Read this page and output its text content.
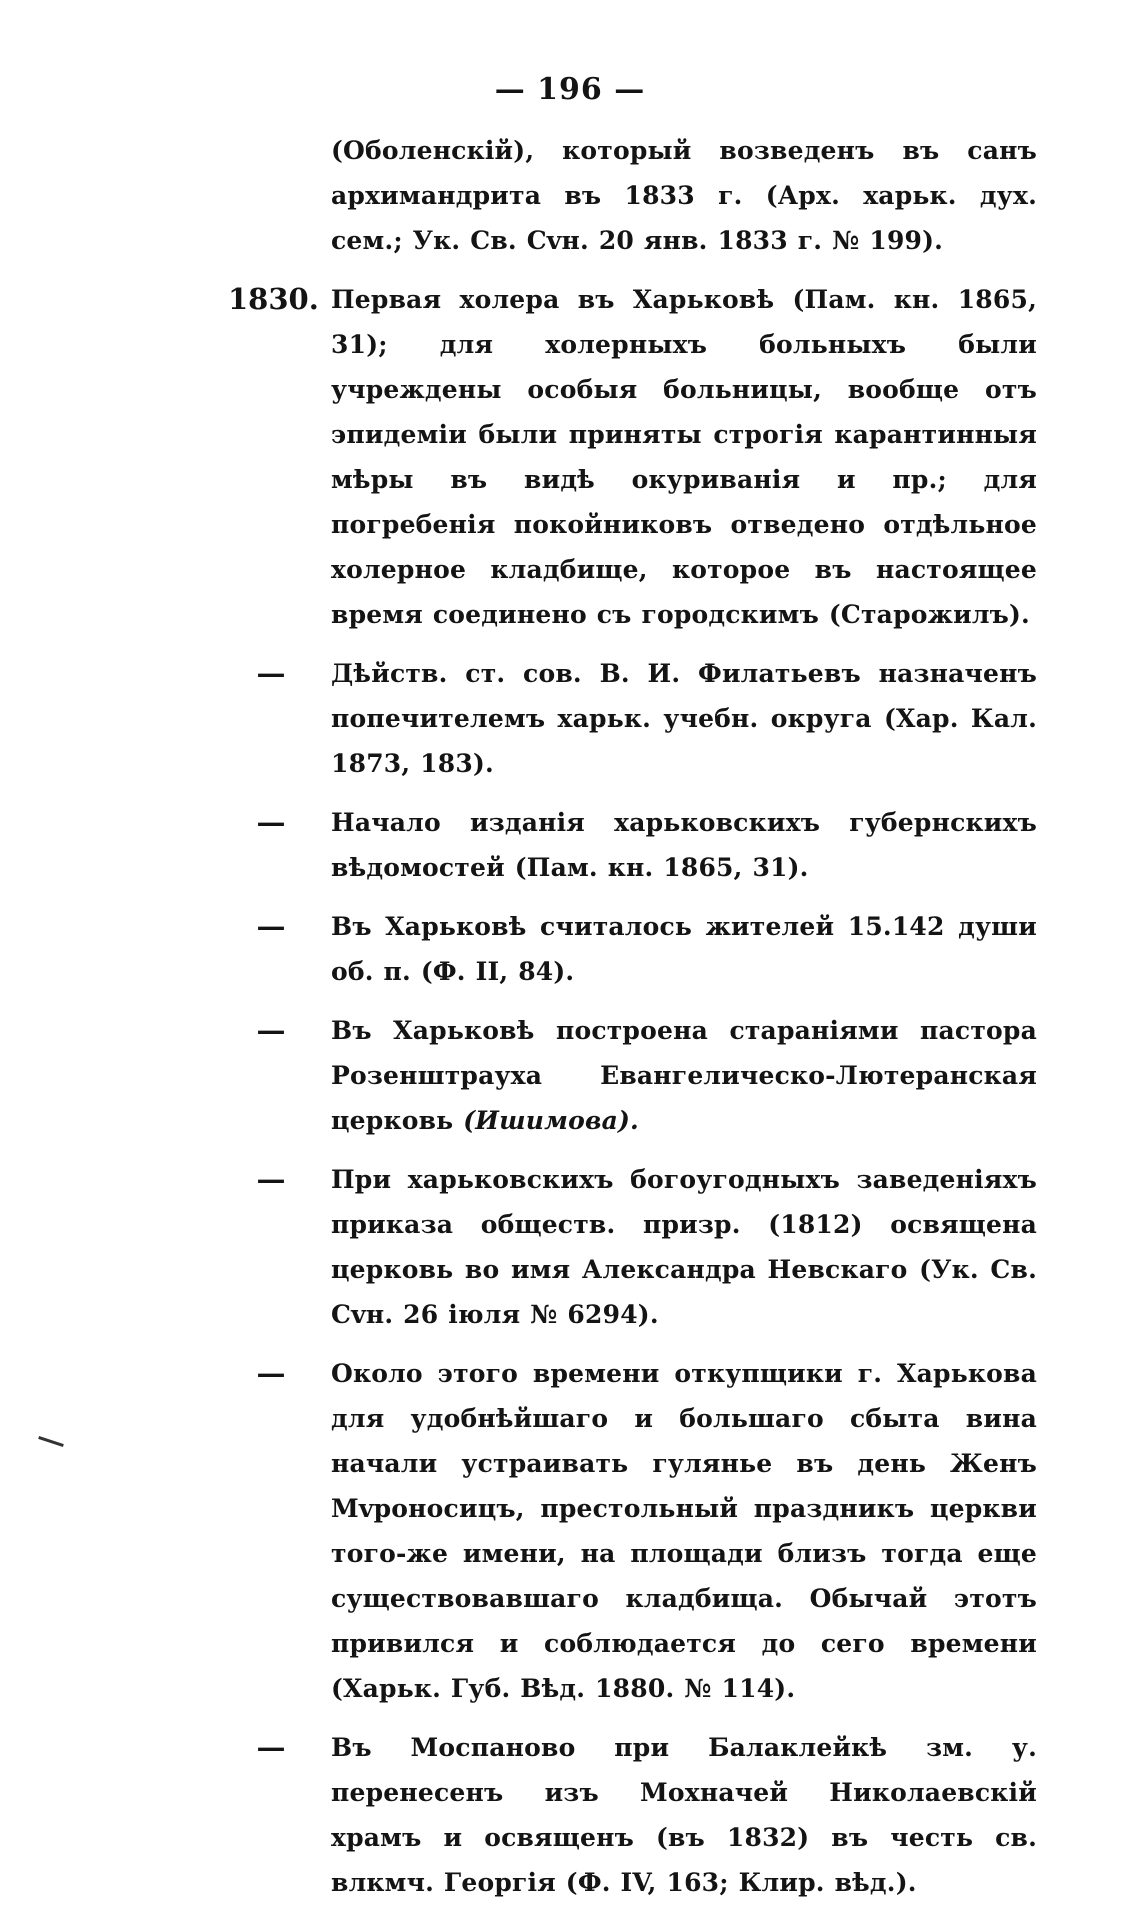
— 196 —
(Оболенскій), который возведенъ въ санъ архимандрита въ 1833 г. (Арх. харьк. дух. сем.; Ук. Св. Сvн. 20 янв. 1833 г. № 199).
1830. Первая холера въ Харьковѣ (Пам. кн. 1865, 31); для холерныхъ больныхъ были учреждены особыя больницы, вообще отъ эпидеміи были приняты строгія карантинныя мѣры въ видѣ окуриванія и пр.; для погребенія покойниковъ отведено отдѣльное холерное кладбище, которое въ настоящее время соединено съ городскимъ (Старожилъ).
—	Дѣйств. ст. сов. В. И. Филатьевъ назначенъ попечителемъ харьк. учебн. округа (Хар. Кал. 1873, 183).
—	Начало изданія харьковскихъ губернскихъ вѣдомостей (Пам. кн. 1865, 31).
—	Въ Харьковѣ считалось жителей 15.142 души об. п. (Ф. II, 84).
—	Въ Харьковѣ построена стараніями пастора Розенштрауха Евангелическо-Лютеранская церковь (Ишимова).
—	При харьковскихъ богоугодныхъ заведеніяхъ приказа обществ. призр. (1812) освящена церковь во имя Александра Невскаго (Ук. Св. Сvн. 26 іюля № 6294).
—	Около этого времени откупщики г. Харькова для удобнѣйшаго и большаго сбыта вина начали устраивать гулянье въ день Женъ Мvроносицъ, престольный праздникъ церкви того-же имени, на площади близъ тогда еще существовавшаго кладбища. Обычай этотъ привился и соблюдается до сего времени (Харьк. Губ. Вѣд. 1880. № 114).
—	Въ Моспаново при Балаклейкѣ зм. у. перенесенъ изъ Мохначей Николаевскій храмъ и освященъ (въ 1832) въ честь св. влкмч. Георгія (Ф. IV, 163; Клир. вѣд.).
